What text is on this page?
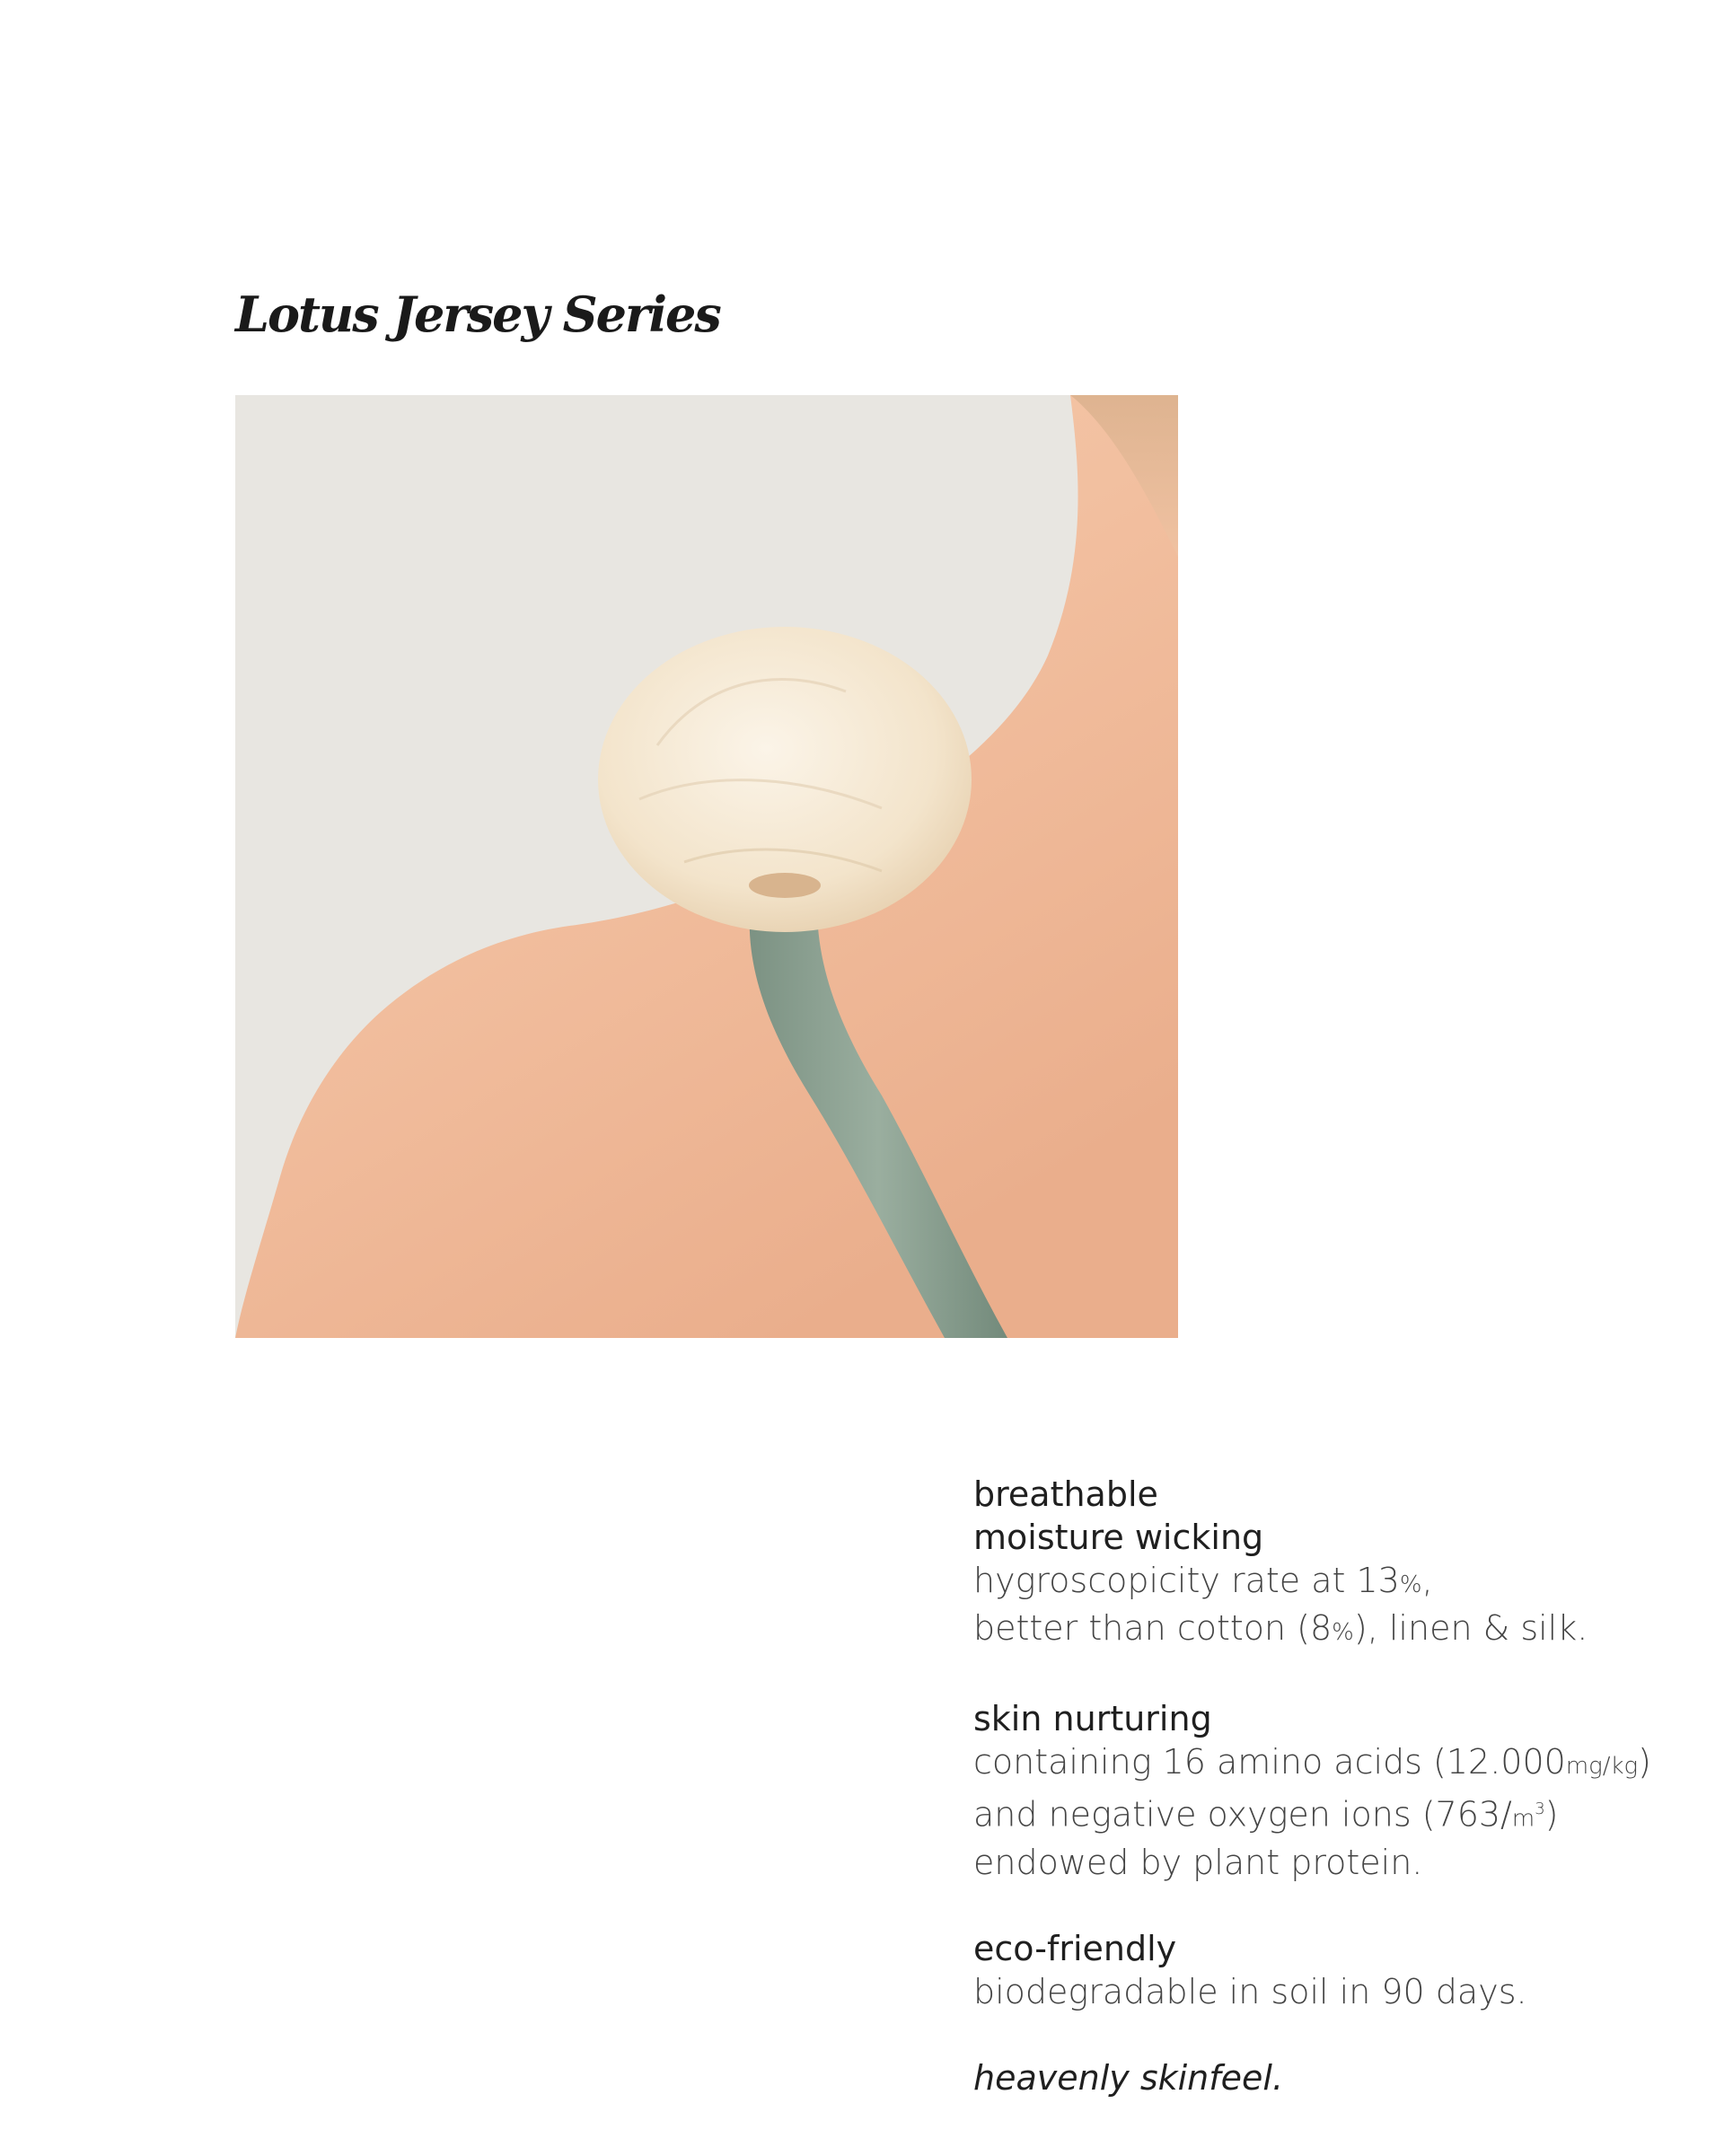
Lotus Jersey Series
breathable
moisture wicking
hygroscopicity rate at 13%,
better than cotton (8%), linen & silk.
skin nurturing
containing 16 amino acids (12.000mg/kg)
and negative oxygen ions $(763/m^3)$
endowed by plant protein.
eco-friendly
biodegradable in soil in 90 days.
heavenly skinfeel.
